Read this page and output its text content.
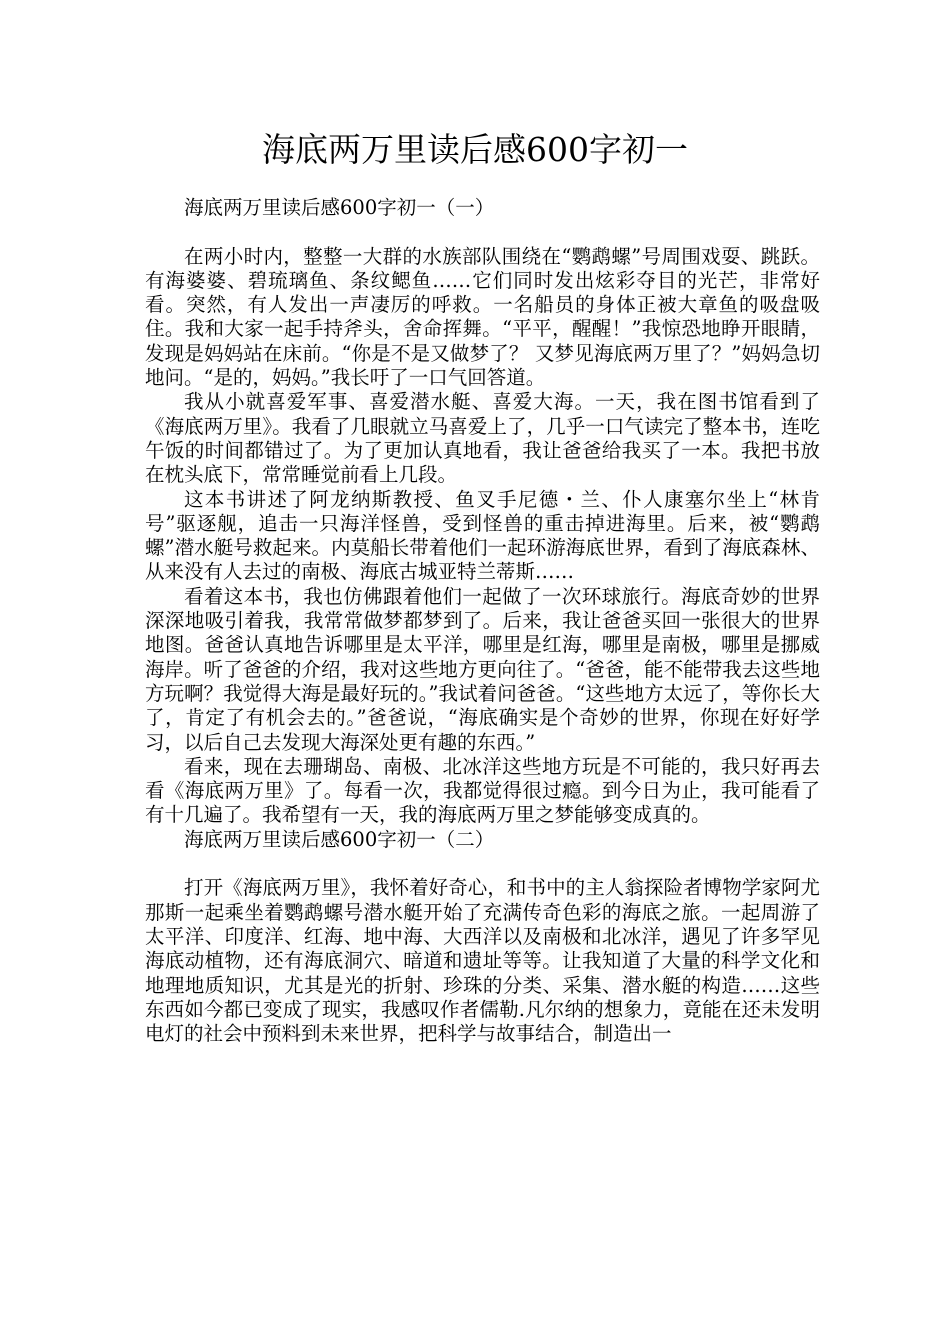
海底两万里读后感600字初一

海底两万里读后感600字初一（一）

在两小时内，整整一大群的水族部队围绕在“鹦鹉螺”号周围戏耍、跳跃。有海婆婆、碧琉璃鱼、条纹鳃鱼……它们同时发出炫彩夺目的光芒，非常好看。突然，有人发出一声凄厉的呼救。一名船员的身体正被大章鱼的吸盘吸住。我和大家一起手持斧头，舍命挥舞。“平平，醒醒！”我惊恐地睁开眼睛，发现是妈妈站在床前。“你是不是又做梦了？ 又梦见海底两万里了？”妈妈急切地问。“是的，妈妈。”我长吁了一口气回答道。

我从小就喜爱军事、喜爱潜水艇、喜爱大海。一天，我在图书馆看到了《海底两万里》。我看了几眼就立马喜爱上了，几乎一口气读完了整本书，连吃午饭的时间都错过了。为了更加认真地看，我让爸爸给我买了一本。我把书放在枕头底下，常常睡觉前看上几段。

这本书讲述了阿龙纳斯教授、鱼叉手尼德・兰、仆人康塞尔坐上“林肯号”驱逐舰，追击一只海洋怪兽，受到怪兽的重击掉进海里。后来，被“鹦鹉螺”潜水艇号救起来。内莫船长带着他们一起环游海底世界，看到了海底森林、从来没有人去过的南极、海底古城亚特兰蒂斯……

看着这本书，我也仿佛跟着他们一起做了一次环球旅行。海底奇妙的世界深深地吸引着我，我常常做梦都梦到了。后来，我让爸爸买回一张很大的世界地图。爸爸认真地告诉哪里是太平洋，哪里是红海，哪里是南极，哪里是挪威海岸。听了爸爸的介绍，我对这些地方更向往了。“爸爸，能不能带我去这些地方玩啊？我觉得大海是最好玩的。”我试着问爸爸。“这些地方太远了，等你长大了，肯定了有机会去的。”爸爸说，“海底确实是个奇妙的世界，你现在好好学习，以后自己去发现大海深处更有趣的东西。”

看来，现在去珊瑚岛、南极、北冰洋这些地方玩是不可能的，我只好再去看《海底两万里》了。每看一次，我都觉得很过瘾。到今日为止，我可能看了有十几遍了。我希望有一天，我的海底两万里之梦能够变成真的。

海底两万里读后感600字初一（二）

打开《海底两万里》，我怀着好奇心，和书中的主人翁探险者博物学家阿尤那斯一起乘坐着鹦鹉螺号潜水艇开始了充满传奇色彩的海底之旅。一起周游了太平洋、印度洋、红海、地中海、大西洋以及南极和北冰洋，遇见了许多罕见海底动植物，还有海底洞穴、暗道和遗址等等。让我知道了大量的科学文化和地理地质知识，尤其是光的折射、珍珠的分类、采集、潜水艇的构造……这些东西如今都已变成了现实，我感叹作者儒勒.凡尔纳的想象力，竟能在还未发明电灯的社会中预料到未来世界，把科学与故事结合，制造出一
